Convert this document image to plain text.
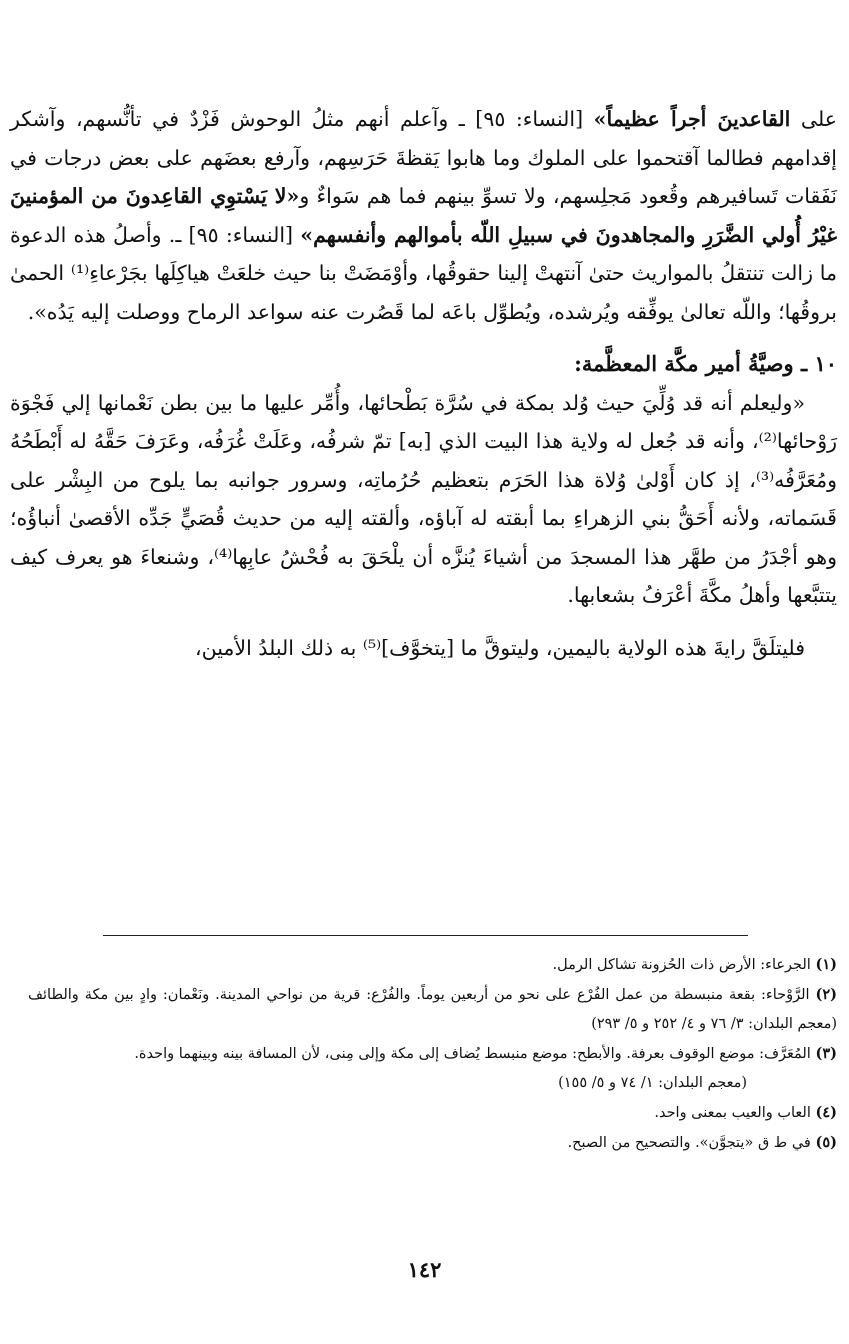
على القاعدينَ أجراً عظيماً» [النساء: ٩٥] ـ وآعلم أنهم مثلُ الوحوش فَزْدٌ في تأنُّسهم، وآشكر إقدامهم فطالما آقتحموا على الملوك وما هابوا يَقظةَ حَرَسِهم، وآرفع بعضَهم على بعض درجات في نَفَقات تَسافيرهم وقُعود مَجلِسهم، ولا تسوِّ بينهم فما هم سَواءٌ و«لا يَسْتوِي القاعِدونَ من المؤمنينَ غيْرُ أُولي الضَّرَرِ والمجاهدونَ في سبيلِ اللّه بأموالهم وأنفسهم» [النساء: ٩٥] ـ. وأصلُ هذه الدعوة ما زالت تنتقلُ بالمواريث حتىٰ آنتهتْ إلينا حقوقُها، وأوْمَضَتْ بنا حيث خلعَتْ هياكِلَها بجَرْعاءِ⁽¹⁾ الحمىٰ بروقُها؛ واللّه تعالىٰ يوفِّقه ويُرشده، ويُطوِّل باعَه لما قَصُرت عنه سواعد الرماح ووصلت إليه يَدُه».

١٠ ـ وصيَّةُ أمير مكَّة المعظَّمة:

«وليعلم أنه قد وُلِّيَ حيث وُلد بمكة في سُرَّة بَطْحائها، وأُمِّر عليها ما بين بطن نَعْمانها إلي فَجْوَة رَوْحائها⁽²⁾، وأنه قد جُعل له ولاية هذا البيت الذي [به] تمّ شرفُه، وعَلَتْ غُرَفُه، وعَرَفَ حَقَّهُ له أَبْطَحُهُ ومُعَرَّفُه⁽³⁾، إذ كان أَوْلىٰ وُلاة هذا الحَرَم بتعظيم حُرُماتِه، وسرور جوانبه بما يلوح من البِشْر على قَسَماته، ولأنه أَحَقُّ بني الزهراءِ بما أبقته له آباؤه، وألقته إليه من حديث قُصَيٍّ جَدِّه الأقصىٰ أنباؤُه؛ وهو أجْدَرُ من طهَّر هذا المسجدَ من أشياءَ يُنزَّه أن يلْحَقَ به فُحْشُ عابِها⁽⁴⁾، وشنعاءَ هو يعرف كيف يتتبَّعها وأهلُ مكَّةَ أعْرَفُ بشعابها.

فليتلَقَّ رايةَ هذه الولاية باليمين، وليتوقَّ ما [يتخوَّف]⁽⁵⁾ به ذلك البلدُ الأمين،

(١) الجرعاء: الأرض ذات الحُزونة تشاكل الرمل.

(٢) الرَّوْحاء: بقعة منبسطة من عمل الفُرْع على نحو من أربعين يوماً. والفُرْع: قرية من نواحي المدينة. ونَعْمان: وادٍ بين مكة والطائف (معجم البلدان: ٣/ ٧٦ و ٤/ ٢٥٢ و ٥/ ٢٩٣)

(٣) المُعَرَّف: موضع الوقوف بعرفة. والأبطح: موضع منبسط يُضاف إلى مكة وإلى مِنى، لأن المسافة بينه وبينهما واحدة.

(معجم البلدان: ١/ ٧٤ و ٥/ ١٥٥)

(٤) العاب والعيب بمعنى واحد.

(٥) في ط ق «يتجوَّن». والتصحيح من الصبح.

١٤٢
